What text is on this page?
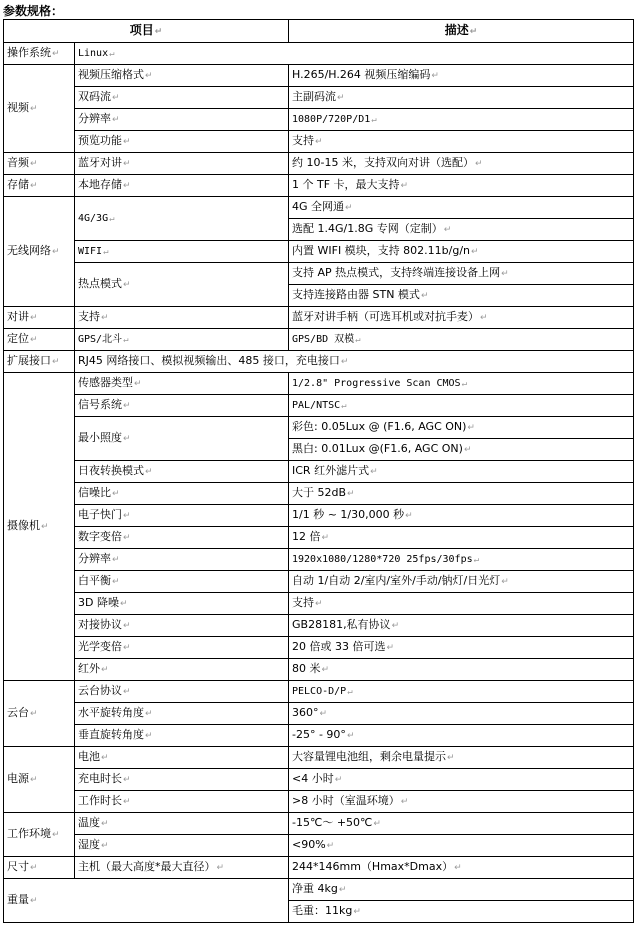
参数规格：
项目↵		描述↵
操作系统↵	Linux↵	
视频↵	视频压缩格式↵	H.265/H.264 视频压缩编码↵
	双码流↵	主副码流↵
	分辨率↵	1080P/720P/D1↵
	预览功能↵	支持↵
音频↵	蓝牙对讲↵	约 10-15 米，支持双向对讲（选配）↵
存储↵	本地存储↵	1 个 TF 卡，最大支持↵
无线网络↵	4G/3G↵	4G 全网通↵
		选配 1.4G/1.8G 专网（定制）↵
	WIFI↵	内置 WIFI 模块，支持 802.11b/g/n↵
	热点模式↵	支持 AP 热点模式，支持终端连接设备上网↵
		支持连接路由器 STN 模式↵
对讲↵	支持↵	蓝牙对讲手柄（可选耳机或对抗手麦）↵
定位↵	GPS/北斗↵	GPS/BD 双模↵
扩展接口↵	RJ45 网络接口、模拟视频输出、485 接口，充电接口↵	
摄像机↵	传感器类型↵	1/2.8" Progressive Scan CMOS↵
	信号系统↵	PAL/NTSC↵
	最小照度↵	彩色: 0.05Lux @ (F1.6, AGC ON)↵
		黑白: 0.01Lux @(F1.6, AGC ON)↵
	日夜转换模式↵	ICR 红外滤片式↵
	信噪比↵	大于 52dB↵
	电子快门↵	1/1 秒 ~ 1/30,000 秒↵
	数字变倍↵	12 倍↵
	分辨率↵	1920x1080/1280*720 25fps/30fps↵
	白平衡↵	自动 1/自动 2/室内/室外/手动/钠灯/日光灯↵
	3D 降噪↵	支持↵
	对接协议↵	GB28181,私有协议↵
	光学变倍↵	20 倍或 33 倍可选↵
	红外↵	80 米↵
云台↵	云台协议↵	PELCO-D/P↵
	水平旋转角度↵	360°↵
	垂直旋转角度↵	-25° - 90°↵
电源↵	电池↵	大容量锂电池组，剩余电量提示↵
	充电时长↵	<4 小时↵
	工作时长↵	>8 小时（室温环境）↵
工作环境↵	温度↵	-15℃～ +50℃↵
	湿度↵	<90%↵
尺寸↵	主机（最大高度*最大直径）↵	244*146mm（Hmax*Dmax）↵
重量↵		净重 4kg↵
		毛重：11kg↵
